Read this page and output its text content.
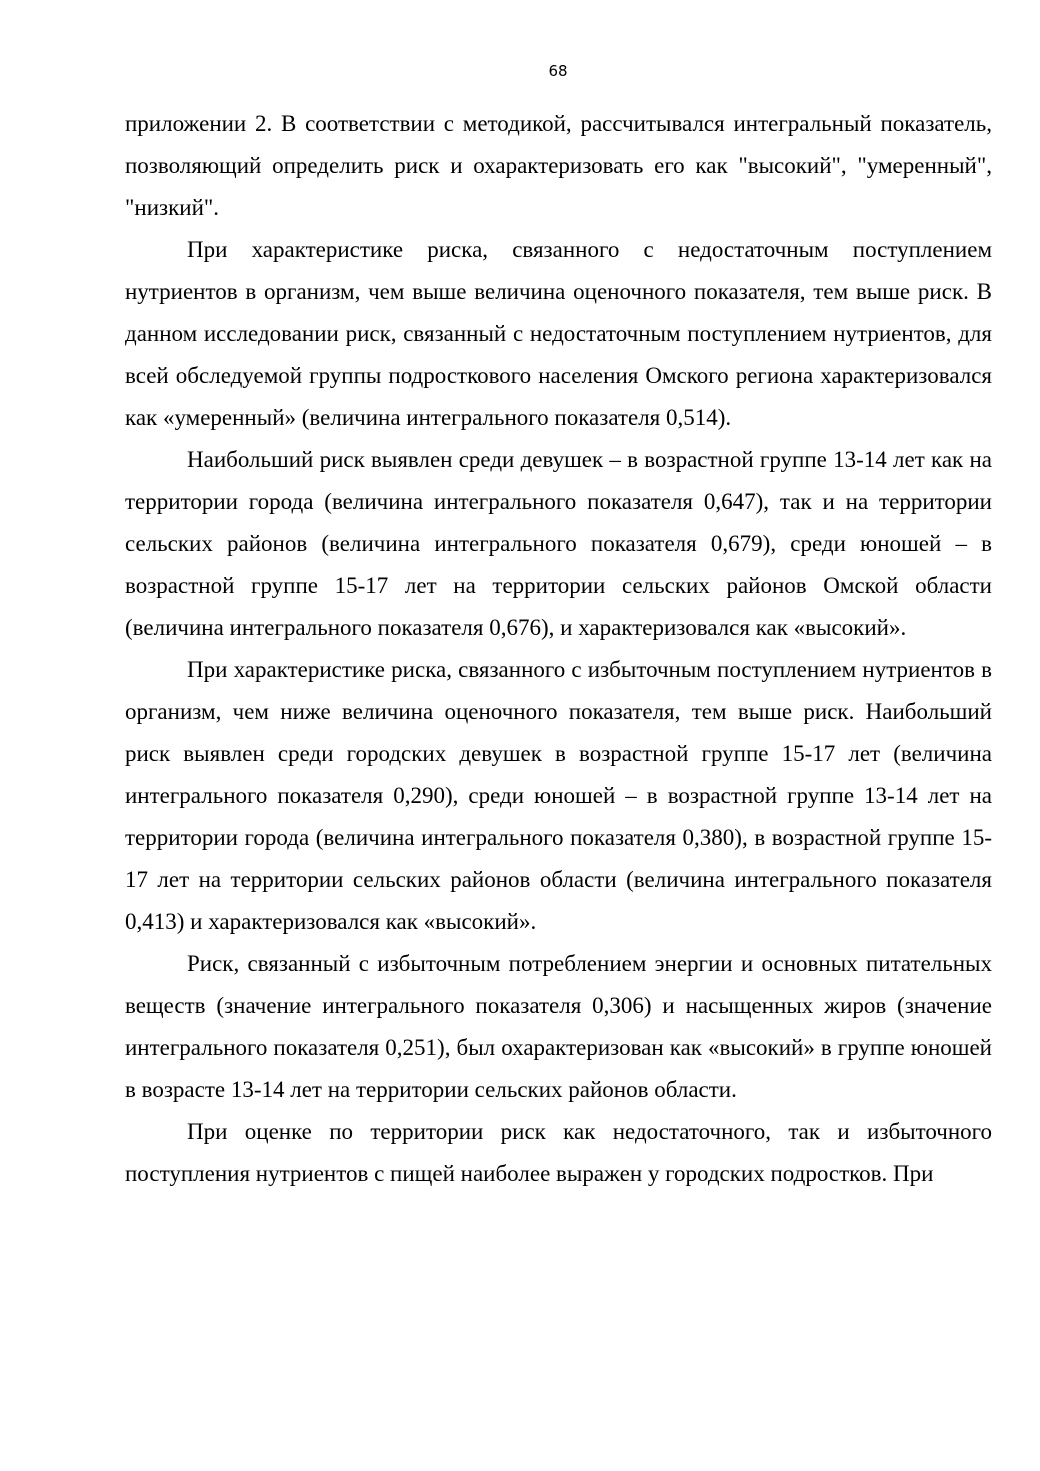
68

приложении 2. В соответствии с методикой, рассчитывался интегральный показатель, позволяющий определить риск и охарактеризовать его как "высокий", "умеренный", "низкий".

При характеристике риска, связанного с недостаточным поступлением нутриентов в организм, чем выше величина оценочного показателя, тем выше риск. В данном исследовании риск, связанный с недостаточным поступлением нутриентов, для всей обследуемой группы подросткового населения Омского региона характеризовался как «умеренный» (величина интегрального показателя 0,514).

Наибольший риск выявлен среди девушек – в возрастной группе 13-14 лет как на территории города (величина интегрального показателя 0,647), так и на территории сельских районов (величина интегрального показателя 0,679), среди юношей – в возрастной группе 15-17 лет на территории сельских районов Омской области (величина интегрального показателя 0,676), и характеризовался как «высокий».

При характеристике риска, связанного с избыточным поступлением нутриентов в организм, чем ниже величина оценочного показателя, тем выше риск. Наибольший риск выявлен среди городских девушек в возрастной группе 15-17 лет (величина интегрального показателя 0,290), среди юношей – в возрастной группе 13-14 лет на территории города (величина интегрального показателя 0,380), в возрастной группе 15-17 лет на территории сельских районов области (величина интегрального показателя 0,413) и характеризовался как «высокий».

Риск, связанный с избыточным потреблением энергии и основных питательных веществ (значение интегрального показателя 0,306) и насыщенных жиров (значение интегрального показателя 0,251), был охарактеризован как «высокий» в группе юношей в возрасте 13-14 лет на территории сельских районов области.

При оценке по территории риск как недостаточного, так и избыточного поступления нутриентов с пищей наиболее выражен у городских подростков. При
